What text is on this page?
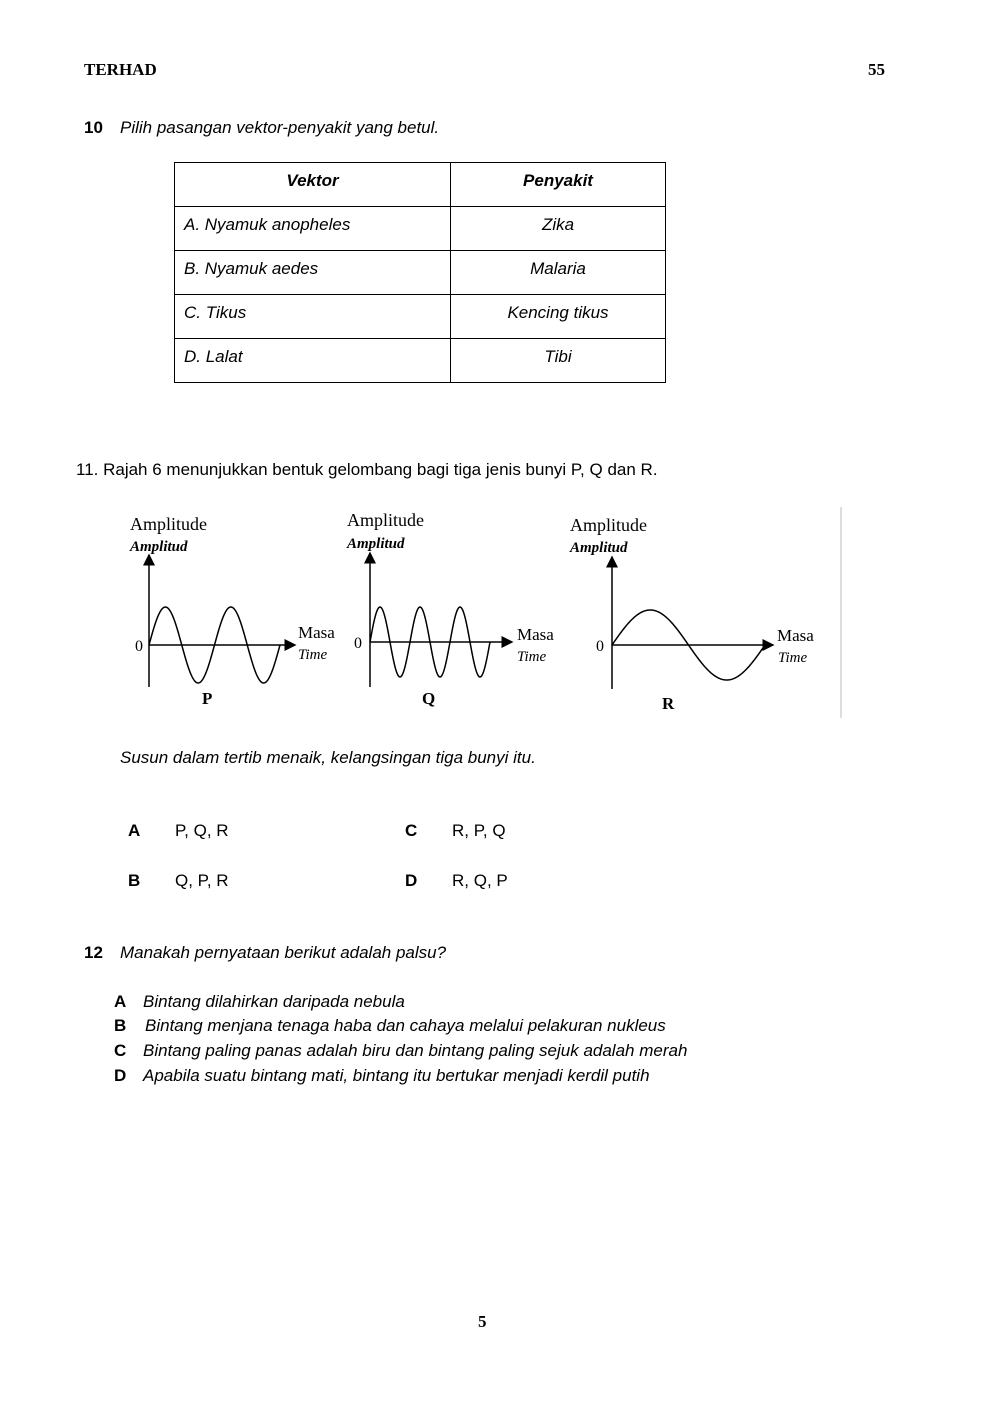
TERHAD	55
10 Pilih pasangan vektor-penyakit yang betul.
Vektor	Penyakit
A. Nyamuk anopheles	Zika
B. Nyamuk aedes	Malaria
C. Tikus	Kencing tikus
D. Lalat	Tibi
11. Rajah 6 menunjukkan bentuk gelombang bagi tiga jenis bunyi P, Q dan R.
Amplitude
Amplitud
0
Masa
Time
P
Amplitude
Amplitud
0	Masa
Time
Q
Amplitude
Amplitud
0
Masa
Time
R
Susun dalam tertib menaik, kelangsingan tiga bunyi itu.
A P, Q, R	C R, P, Q
B Q, P, R	D R, Q, P
12 Manakah pernyataan berikut adalah palsu?
A Bintang dilahirkan daripada nebula
B Bintang menjana tenaga haba dan cahaya melalui pelakuran nukleus
C Bintang paling panas adalah biru dan bintang paling sejuk adalah merah
D Apabila suatu bintang mati, bintang itu bertukar menjadi kerdil putih
5
